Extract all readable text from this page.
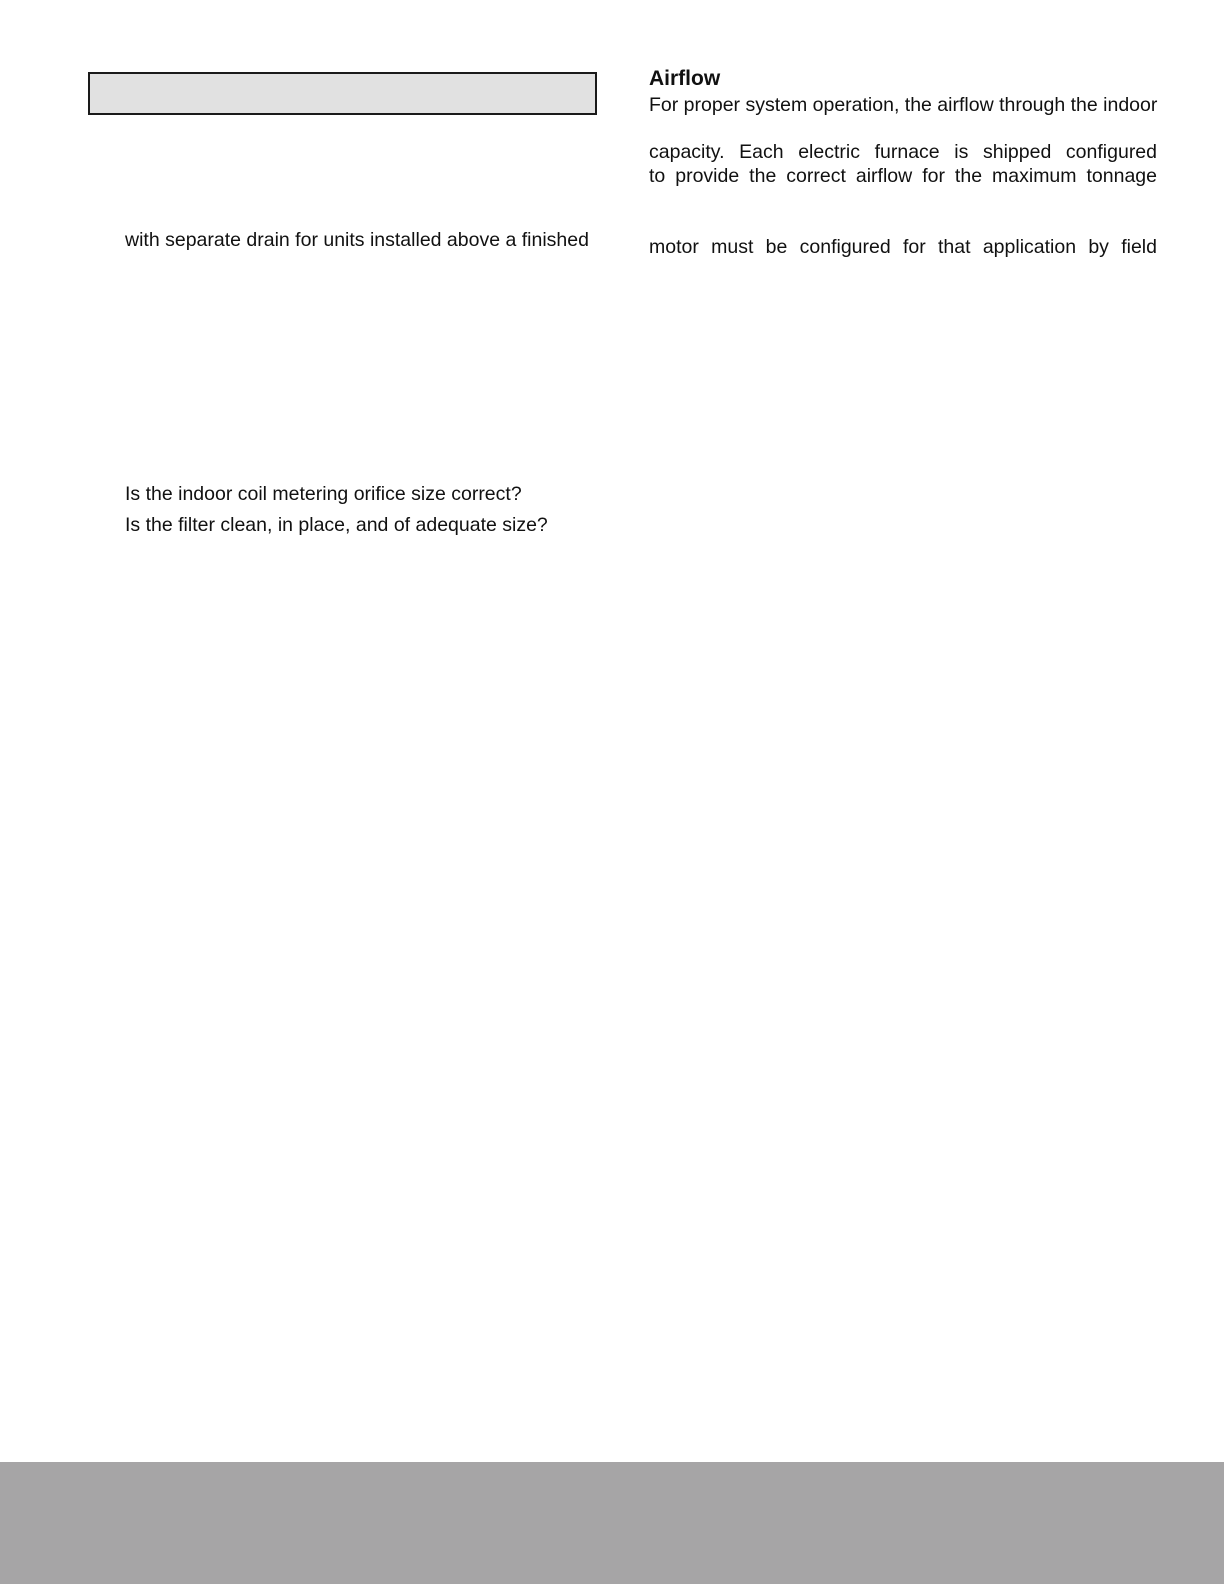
with separate drain for units installed above a finished
Is the indoor coil metering orifice size correct?
Is the filter clean, in place, and of adequate size?
Airflow
For proper system operation, the airflow through the indoor
capacity. Each electric furnace is shipped configured
to provide the correct airflow for the maximum tonnage
motor must be configured for that application by field
